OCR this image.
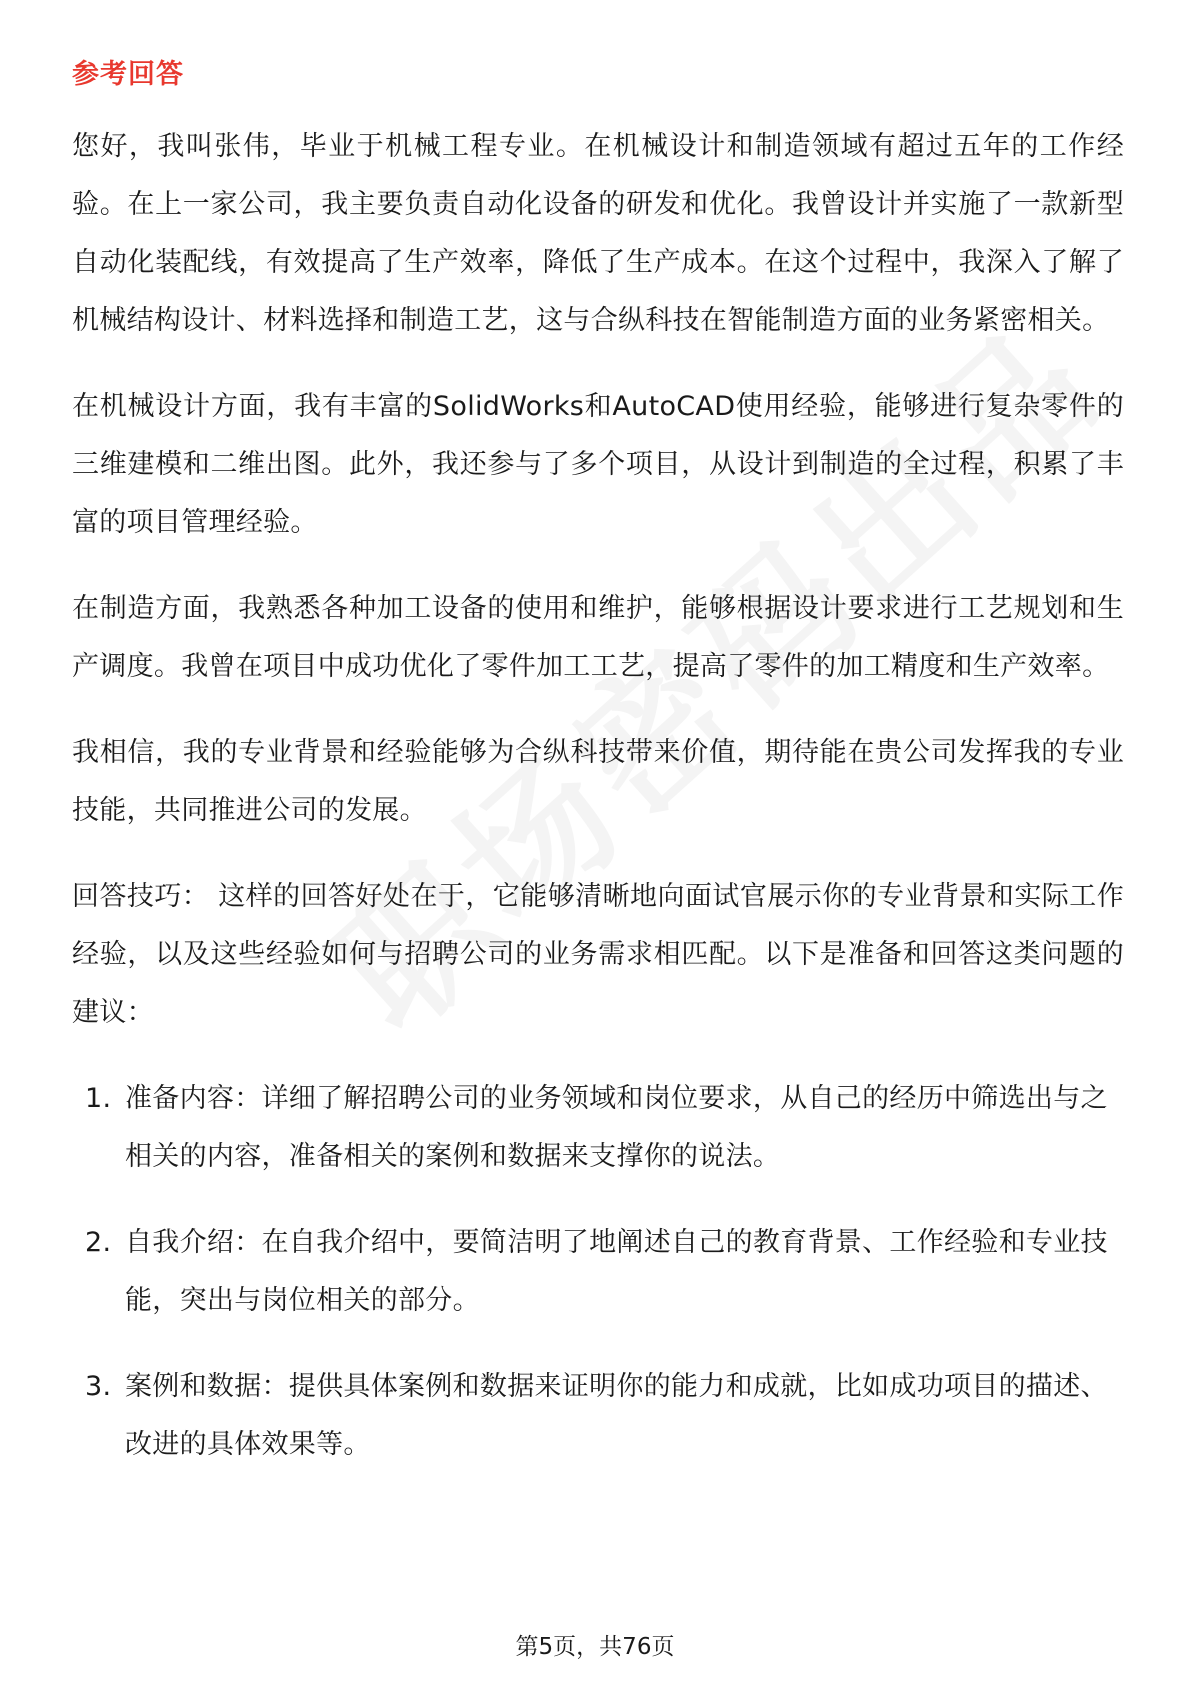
参考回答

您好，我叫张伟，毕业于机械工程专业。在机械设计和制造领域有超过五年的工作经验。在上一家公司，我主要负责自动化设备的研发和优化。我曾设计并实施了一款新型自动化装配线，有效提高了生产效率，降低了生产成本。在这个过程中，我深入了解了机械结构设计、材料选择和制造工艺，这与合纵科技在智能制造方面的业务紧密相关。

在机械设计方面，我有丰富的SolidWorks和AutoCAD使用经验，能够进行复杂零件的三维建模和二维出图。此外，我还参与了多个项目，从设计到制造的全过程，积累了丰富的项目管理经验。

在制造方面，我熟悉各种加工设备的使用和维护，能够根据设计要求进行工艺规划和生产调度。我曾在项目中成功优化了零件加工工艺，提高了零件的加工精度和生产效率。

我相信，我的专业背景和经验能够为合纵科技带来价值，期待能在贵公司发挥我的专业技能，共同推进公司的发展。

回答技巧： 这样的回答好处在于，它能够清晰地向面试官展示你的专业背景和实际工作经验，以及这些经验如何与招聘公司的业务需求相匹配。以下是准备和回答这类问题的建议：

1. 准备内容：详细了解招聘公司的业务领域和岗位要求，从自己的经历中筛选出与之相关的内容，准备相关的案例和数据来支撑你的说法。
2. 自我介绍：在自我介绍中，要简洁明了地阐述自己的教育背景、工作经验和专业技能，突出与岗位相关的部分。
3. 案例和数据：提供具体案例和数据来证明你的能力和成就，比如成功项目的描述、改进的具体效果等。
第5页，共76页
